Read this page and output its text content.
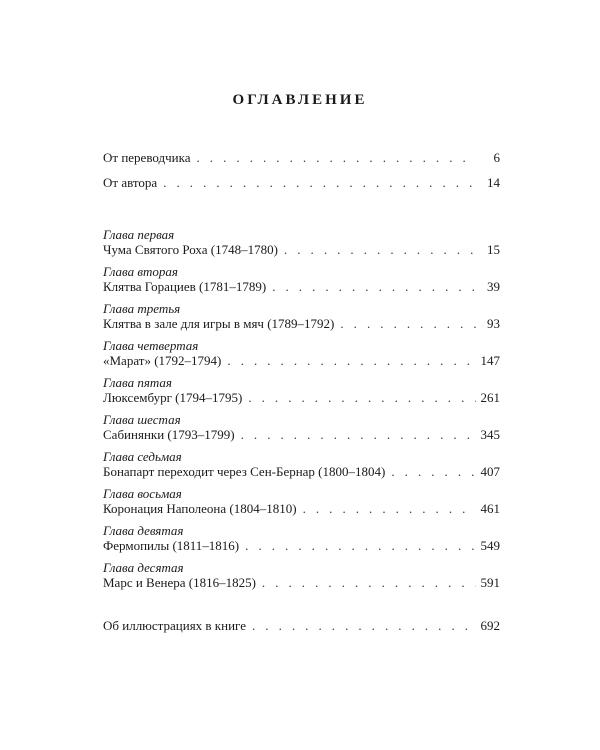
ОГЛАВЛЕНИЕ
От переводчика . . .	6
От автора . . .	14
Глава первая
Чума Святого Роха (1748–1780) . . .	15
Глава вторая
Клятва Горациев (1781–1789) . . .	39
Глава третья
Клятва в зале для игры в мяч (1789–1792) . . .	93
Глава четвертая
«Марат» (1792–1794) . . .	147
Глава пятая
Люксембург (1794–1795) . . .	261
Глава шестая
Сабинянки (1793–1799) . . .	345
Глава седьмая
Бонапарт переходит через Сен-Бернар (1800–1804) . . .	407
Глава восьмая
Коронация Наполеона (1804–1810) . . .	461
Глава девятая
Фермопилы (1811–1816) . . .	549
Глава десятая
Марс и Венера (1816–1825) . . .	591
Об иллюстрациях в книге . . .	692
